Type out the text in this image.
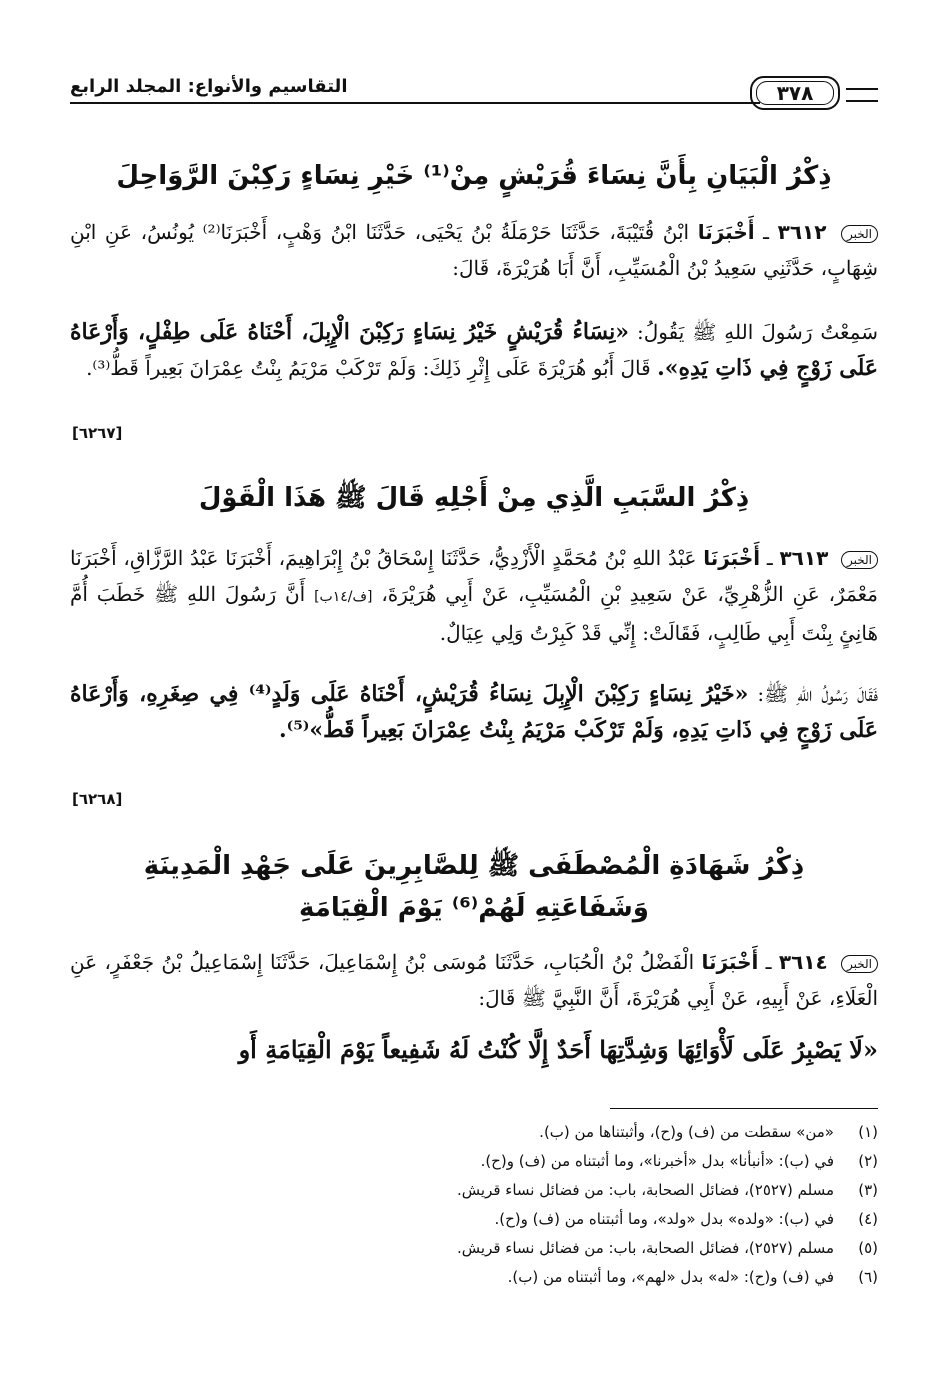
التقاسيم والأنواع: المجلد الرابع	٣٧٨
ذِكْرُ الْبَيَانِ بِأَنَّ نِسَاءَ قُرَيْشٍ مِنْ⁽¹⁾ خَيْرِ نِسَاءٍ رَكِبْنَ الرَّوَاحِلَ
الخبر ٣٦١٢ ـ أَخْبَرَنَا ابْنُ قُتَيْبَةَ، حَدَّثَنَا حَرْمَلَةُ بْنُ يَحْيَى، حَدَّثَنَا ابْنُ وَهْبٍ، أَخْبَرَنَا⁽²⁾ يُونُسُ، عَنِ ابْنِ شِهَابٍ، حَدَّثَنِي سَعِيدُ بْنُ الْمُسَيِّبِ، أَنَّ أَبَا هُرَيْرَةَ، قَالَ:
سَمِعْتُ رَسُولَ اللهِ ﷺ يَقُولُ: «نِسَاءُ قُرَيْشٍ خَيْرُ نِسَاءٍ رَكِبْنَ الْإِبِلَ، أَحْنَاهُ عَلَى طِفْلٍ، وَأَرْعَاهُ عَلَى زَوْجٍ فِي ذَاتِ يَدِهِ». قَالَ أَبُو هُرَيْرَةَ عَلَى إِثْرِ ذَلِكَ: وَلَمْ تَرْكَبْ مَرْيَمُ بِنْتُ عِمْرَانَ بَعِيراً قَطُّ⁽³⁾.
[٦٢٦٧]
ذِكْرُ السَّبَبِ الَّذِي مِنْ أَجْلِهِ قَالَ ﷺ هَذَا الْقَوْلَ
الخبر ٣٦١٣ ـ أَخْبَرَنَا عَبْدُ اللهِ بْنُ مُحَمَّدٍ الْأَزْدِيُّ، حَدَّثَنَا إِسْحَاقُ بْنُ إِبْرَاهِيمَ، أَخْبَرَنَا عَبْدُ الرَّزَّاقِ، أَخْبَرَنَا مَعْمَرٌ، عَنِ الزُّهْرِيِّ، عَنْ سَعِيدِ بْنِ الْمُسَيِّبِ، عَنْ أَبِي هُرَيْرَةَ، [ف/١٤ب] أَنَّ رَسُولَ اللهِ ﷺ خَطَبَ أُمَّ هَانِئٍ بِنْتَ أَبِي طَالِبٍ، فَقَالَتْ: إِنِّي قَدْ كَبِرْتُ وَلِي عِيَالٌ.
فَقَالَ رَسُولُ اللهِ ﷺ: «خَيْرُ نِسَاءٍ رَكِبْنَ الْإِبِلَ نِسَاءُ قُرَيْشٍ، أَحْنَاهُ عَلَى وَلَدٍ⁽⁴⁾ فِي صِغَرِهِ، وَأَرْعَاهُ عَلَى زَوْجٍ فِي ذَاتِ يَدِهِ، وَلَمْ تَرْكَبْ مَرْيَمُ بِنْتُ عِمْرَانَ بَعِيراً قَطُّ»⁽⁵⁾.
[٦٢٦٨]
ذِكْرُ شَهَادَةِ الْمُصْطَفَى ﷺ لِلصَّابِرِينَ عَلَى جَهْدِ الْمَدِينَةِ
وَشَفَاعَتِهِ لَهُمْ⁽⁶⁾ يَوْمَ الْقِيَامَةِ
الخبر ٣٦١٤ ـ أَخْبَرَنَا الْفَضْلُ بْنُ الْحُبَابِ، حَدَّثَنَا مُوسَى بْنُ إِسْمَاعِيلَ، حَدَّثَنَا إِسْمَاعِيلُ بْنُ جَعْفَرٍ، عَنِ الْعَلَاءِ، عَنْ أَبِيهِ، عَنْ أَبِي هُرَيْرَةَ، أَنَّ النَّبِيَّ ﷺ قَالَ:
«لَا يَصْبِرُ عَلَى لَأْوَائِهَا وَشِدَّتِهَا أَحَدٌ إِلَّا كُنْتُ لَهُ شَفِيعاً يَوْمَ الْقِيَامَةِ أَو
(١)
«من» سقطت من (ف) و(ح)، وأثبتناها من (ب).
(٢)
في (ب): «أنبأنا» بدل «أخبرنا»، وما أثبتناه من (ف) و(ح).
(٣)
مسلم (٢٥٢٧)، فضائل الصحابة، باب: من فضائل نساء قريش.
(٤)
في (ب): «ولده» بدل «ولد»، وما أثبتناه من (ف) و(ح).
(٥)
مسلم (٢٥٢٧)، فضائل الصحابة، باب: من فضائل نساء قريش.
(٦)
في (ف) و(ح): «له» بدل «لهم»، وما أثبتناه من (ب).
